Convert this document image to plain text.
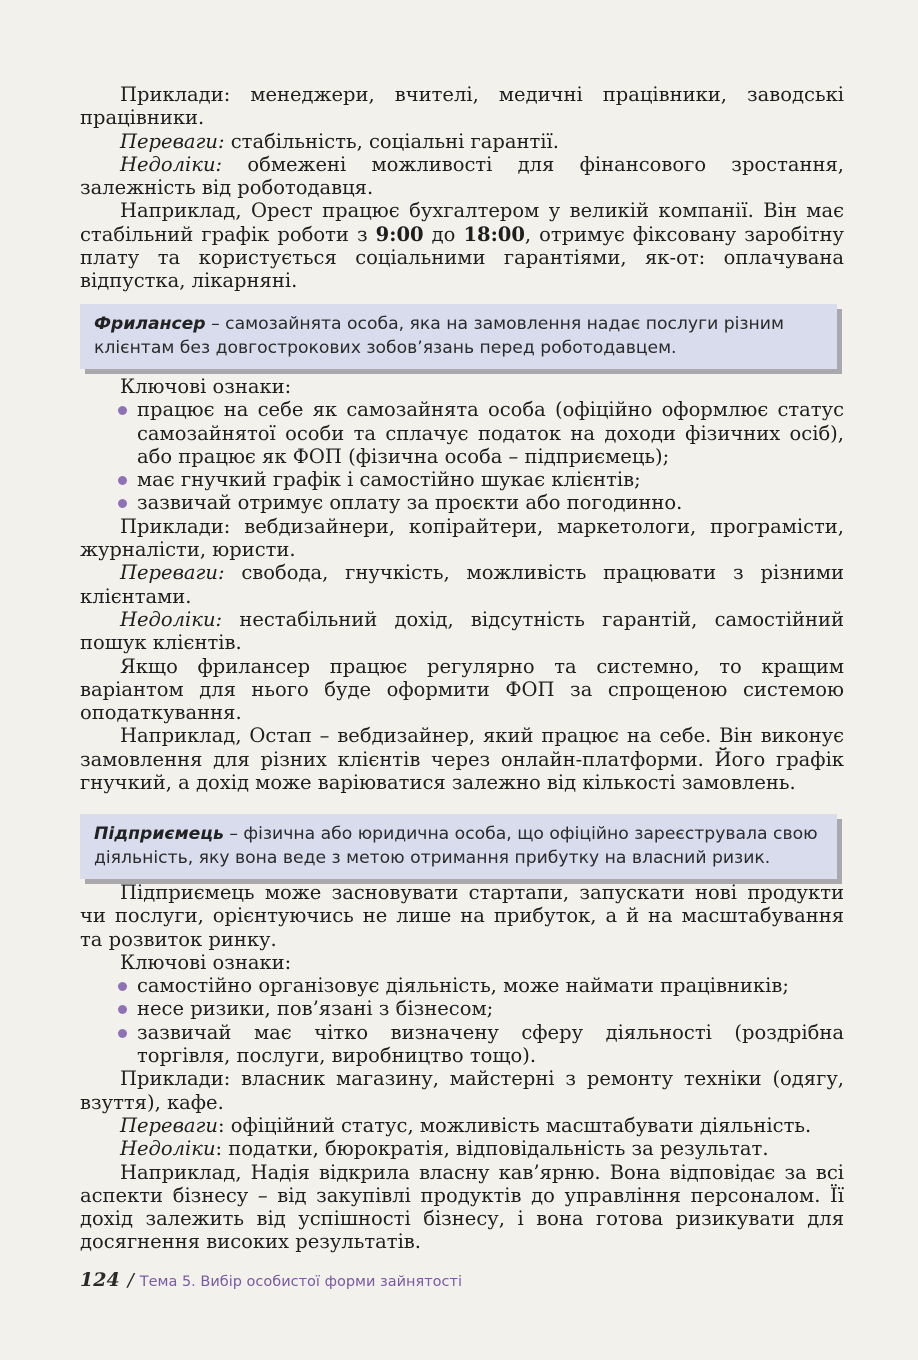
Приклади: менеджери, вчителі, медичні працівники, заводські працівники.

Переваги: стабільність, соціальні гарантії.

Недоліки: обмежені можливості для фінансового зростання, залежність від роботодавця.

Наприклад, Орест працює бухгалтером у великій компанії. Він має стабільний графік роботи з 9:00 до 18:00, отримує фіксовану заробітну плату та користується соціальними гарантіями, як-от: оплачувана відпустка, лікарняні.

Фрилансер – самозайнята особа, яка на замовлення надає послуги різним клієнтам без довгострокових зобов’язань перед роботодавцем.

Ключові ознаки:

працює на себе як самозайнята особа (офіційно оформлює статус самозайнятої особи та сплачує податок на доходи фізичних осіб), або працює як ФОП (фізична особа – підприємець);
має гнучкий графік і самостійно шукає клієнтів;
зазвичай отримує оплату за проєкти або погодинно.

Приклади: вебдизайнери, копірайтери, маркетологи, програмісти, журналісти, юристи.

Переваги: свобода, гнучкість, можливість працювати з різними клієнтами.

Недоліки: нестабільний дохід, відсутність гарантій, самостійний пошук клієнтів.

Якщо фрилансер працює регулярно та системно, то кращим варіантом для нього буде оформити ФОП за спрощеною системою оподаткування.

Наприклад, Остап – вебдизайнер, який працює на себе. Він виконує замовлення для різних клієнтів через онлайн-платформи. Його графік гнучкий, а дохід може варіюватися залежно від кількості замовлень.

Підприємець – фізична або юридична особа, що офіційно зареєструвала свою діяльність, яку вона веде з метою отримання прибутку на власний ризик.

Підприємець може засновувати стартапи, запускати нові продукти чи послуги, орієнтуючись не лише на прибуток, а й на масштабування та розвиток ринку.

Ключові ознаки:

самостійно організовує діяльність, може наймати працівників;
несе ризики, пов’язані з бізнесом;
зазвичай має чітко визначену сферу діяльності (роздрібна торгівля, послуги, виробництво тощо).

Приклади: власник магазину, майстерні з ремонту техніки (одягу, взуття), кафе.

Переваги: офіційний статус, можливість масштабувати діяльність.

Недоліки: податки, бюрократія, відповідальність за результат.

Наприклад, Надія відкрила власну кав’ярню. Вона відповідає за всі аспекти бізнесу – від закупівлі продуктів до управління персоналом. Її дохід залежить від успішності бізнесу, і вона готова ризикувати для досягнення високих результатів.

124 / Тема 5. Вибір особистої форми зайнятості
